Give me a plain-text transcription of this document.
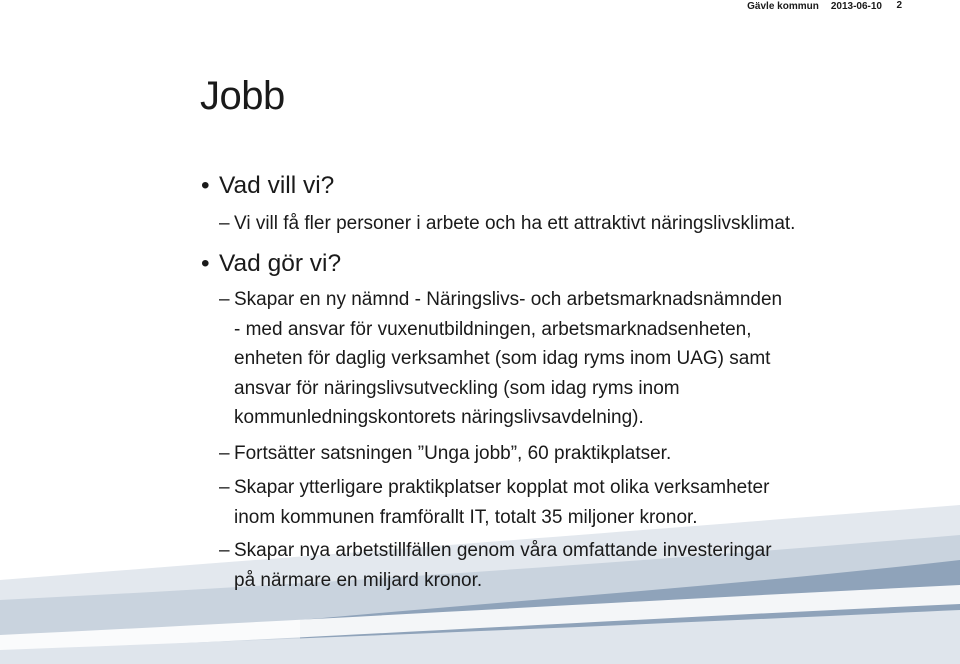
Gävle kommun 2013-06-10 2
Jobb
• Vad vill vi?
– Vi vill få fler personer i arbete och ha ett attraktivt näringslivsklimat.
• Vad gör vi?
– Skapar en ny nämnd - Näringslivs- och arbetsmarknadsnämnden
- med ansvar för vuxenutbildningen, arbetsmarknadsenheten,
enheten för daglig verksamhet (som idag ryms inom UAG) samt
ansvar för näringslivsutveckling (som idag ryms inom
kommunledningskontorets näringslivsavdelning).
– Fortsätter satsningen ”Unga jobb”, 60 praktikplatser.
– Skapar ytterligare praktikplatser kopplat mot olika verksamheter
inom kommunen framförallt IT, totalt 35 miljoner kronor.
– Skapar nya arbetstillfällen genom våra omfattande investeringar
på närmare en miljard kronor.
